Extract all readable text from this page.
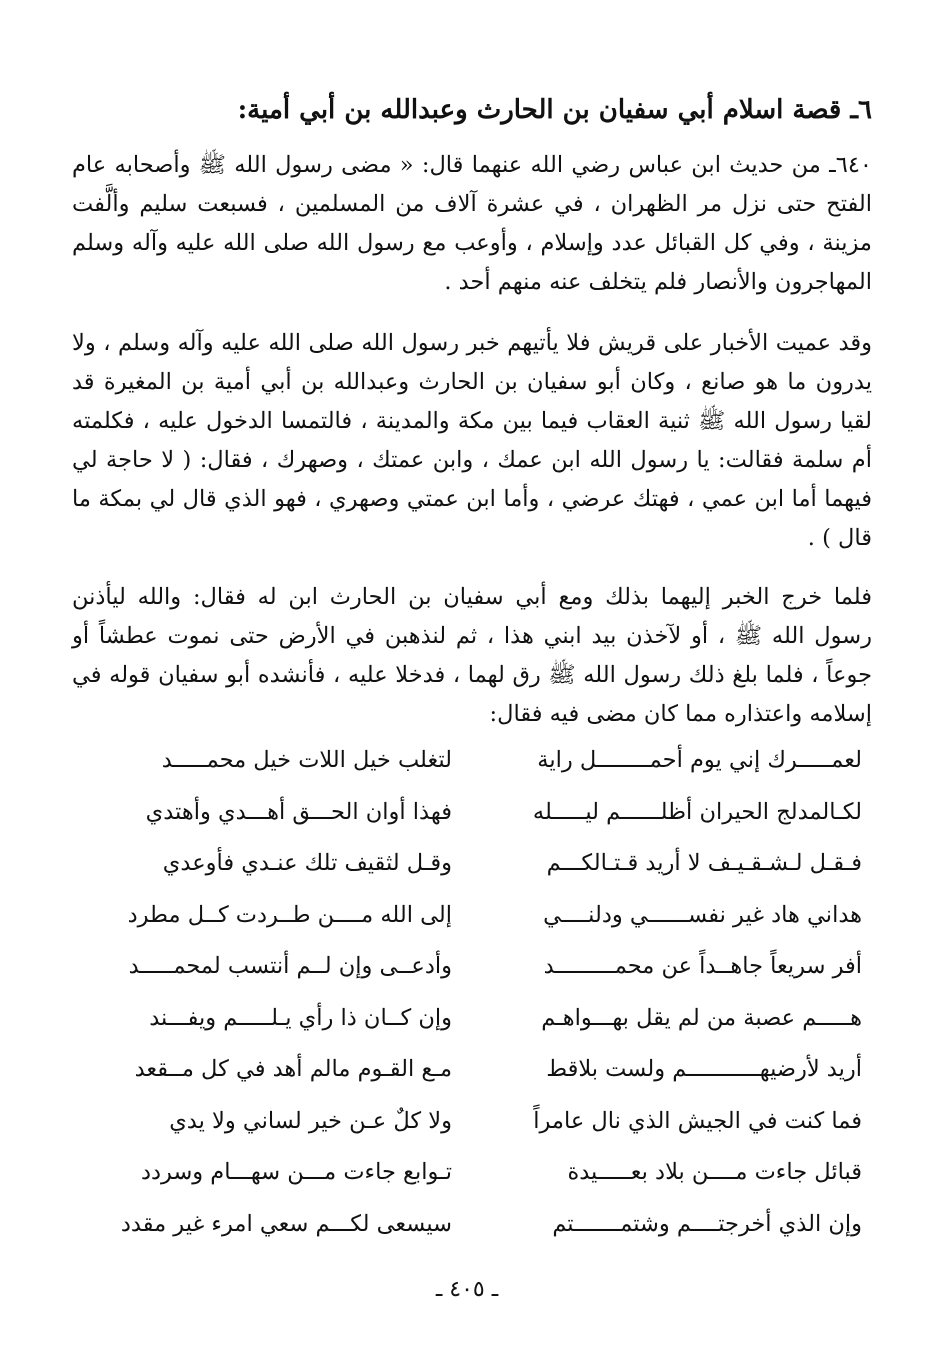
٦ـ قصة اسلام أبي سفيان بن الحارث وعبدالله بن أبي أمية:
٦٤٠ـ من حديث ابن عباس رضي الله عنهما قال: « مضى رسول الله ﷺ وأصحابه عام الفتح حتى نزل مر الظهران ، في عشرة آلاف من المسلمين ، فسبعت سليم وألَّفت مزينة ، وفي كل القبائل عدد وإسلام ، وأوعب مع رسول الله صلى الله عليه وآله وسلم المهاجرون والأنصار فلم يتخلف عنه منهم أحد .
وقد عميت الأخبار على قريش فلا يأتيهم خبر رسول الله صلى الله عليه وآله وسلم ، ولا يدرون ما هو صانع ، وكان أبو سفيان بن الحارث وعبدالله بن أبي أمية بن المغيرة قد لقيا رسول الله ﷺ ثنية العقاب فيما بين مكة والمدينة ، فالتمسا الدخول عليه ، فكلمته أم سلمة فقالت: يا رسول الله ابن عمك ، وابن عمتك ، وصهرك ، فقال: ( لا حاجة لي فيهما أما ابن عمي ، فهتك عرضي ، وأما ابن عمتي وصهري ، فهو الذي قال لي بمكة ما قال ) .
فلما خرج الخبر إليهما بذلك ومع أبي سفيان بن الحارث ابن له فقال: والله ليأذنن رسول الله ﷺ ، أو لآخذن بيد ابني هذا ، ثم لنذهبن في الأرض حتى نموت عطشاً أو جوعاً ، فلما بلغ ذلك رسول الله ﷺ رق لهما ، فدخلا عليه ، فأنشده أبو سفيان قوله في إسلامه واعتذاره مما كان مضى فيه فقال:
لعمـــــرك إني يوم أحمــــــــل راية
لتغلب خيل اللات خيل محمـــــد
لكـالمدلج الحيران أظلــــــم ليـــــله
فهذا أوان الحـــق أهـــدي وأهتدي
فـقـل لـشـقـيـف لا أريد قـتـالكـــم
وقـل لثقيف تلك عنـدي فأوعدي
هداني هاد غير نفســــــي ودلنــــي
إلى الله مــــن طــردت كــل مطرد
أفر سريعاً جاهــداً عن محمـــــــــد
وأدعــى وإن لــم أنتسب لمحمـــــد
هـــــم عصبة من لم يقل بهـــواهـم
وإن كــان ذا رأي يـلـــــم ويفـــند
أريد لأرضيهـــــــــــم ولست بلاقط
مـع القـوم مالم أهد في كل مــقعد
فما كنت في الجيش الذي نال عامراً
ولا كلٌ عـن خير لساني ولا يدي
قبائل جاءت مــــن بلاد بعـــــيدة
تـوابع جاءت مـــن سهـــام وسردد
وإن الذي أخرجتــــم وشتمـــــــتم
سيسعى لكـــم سعي امرء غير مقدد
ـ ٤٠٥ ـ
